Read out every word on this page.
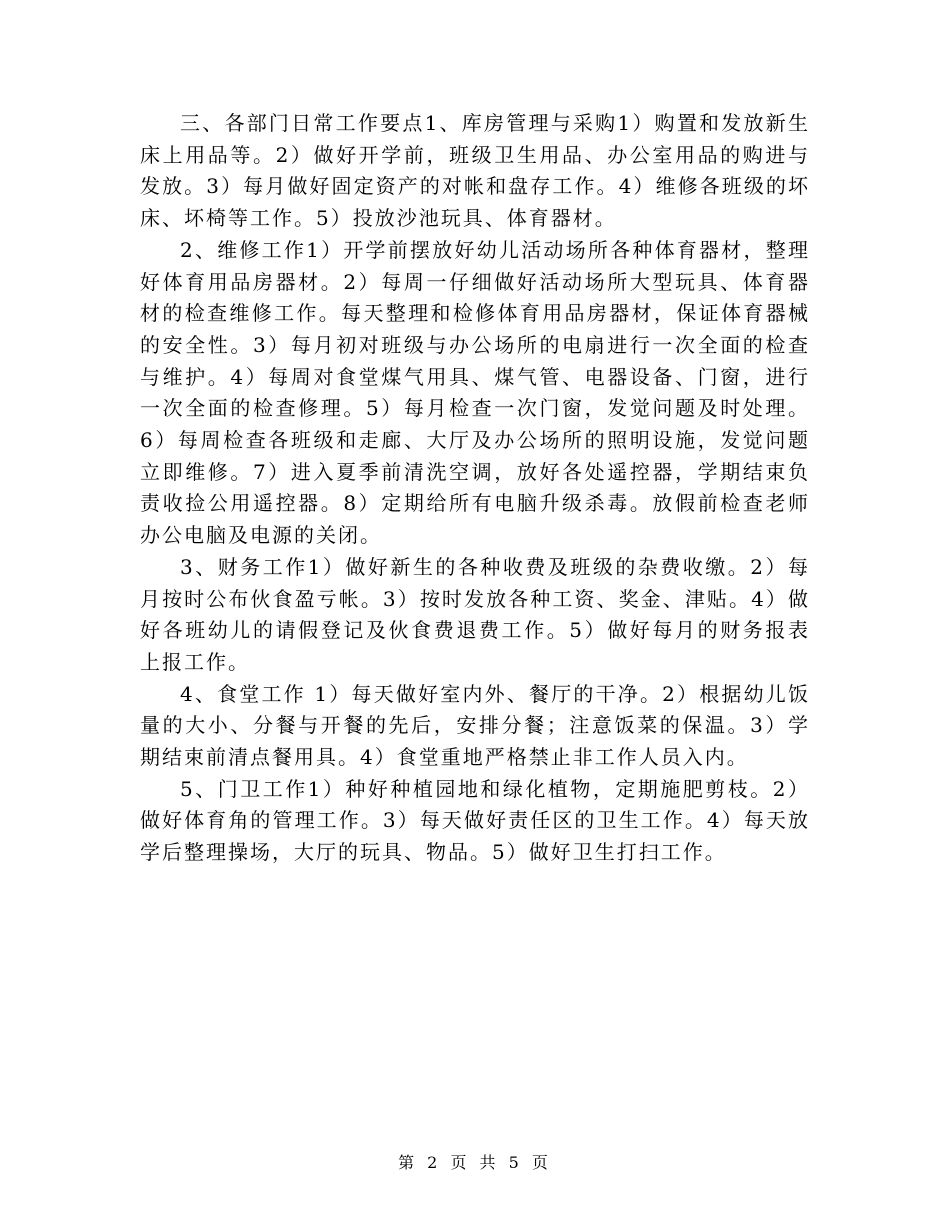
三、各部门日常工作要点1、库房管理与采购1）购置和发放新生床上用品等。2）做好开学前，班级卫生用品、办公室用品的购进与发放。3）每月做好固定资产的对帐和盘存工作。4）维修各班级的坏床、坏椅等工作。5）投放沙池玩具、体育器材。

2、维修工作1）开学前摆放好幼儿活动场所各种体育器材，整理好体育用品房器材。2）每周一仔细做好活动场所大型玩具、体育器材的检查维修工作。每天整理和检修体育用品房器材，保证体育器械的安全性。3）每月初对班级与办公场所的电扇进行一次全面的检查与维护。4）每周对食堂煤气用具、煤气管、电器设备、门窗，进行一次全面的检查修理。5）每月检查一次门窗，发觉问题及时处理。6）每周检查各班级和走廊、大厅及办公场所的照明设施，发觉问题立即维修。7）进入夏季前清洗空调，放好各处遥控器，学期结束负责收捡公用遥控器。8）定期给所有电脑升级杀毒。放假前检查老师办公电脑及电源的关闭。

3、财务工作1）做好新生的各种收费及班级的杂费收缴。2）每月按时公布伙食盈亏帐。3）按时发放各种工资、奖金、津贴。4）做好各班幼儿的请假登记及伙食费退费工作。5）做好每月的财务报表上报工作。

4、食堂工作 1）每天做好室内外、餐厅的干净。2）根据幼儿饭量的大小、分餐与开餐的先后，安排分餐；注意饭菜的保温。3）学期结束前清点餐用具。4）食堂重地严格禁止非工作人员入内。

5、门卫工作1）种好种植园地和绿化植物，定期施肥剪枝。2）做好体育角的管理工作。3）每天做好责任区的卫生工作。4）每天放学后整理操场，大厅的玩具、物品。5）做好卫生打扫工作。

第 2 页 共 5 页
